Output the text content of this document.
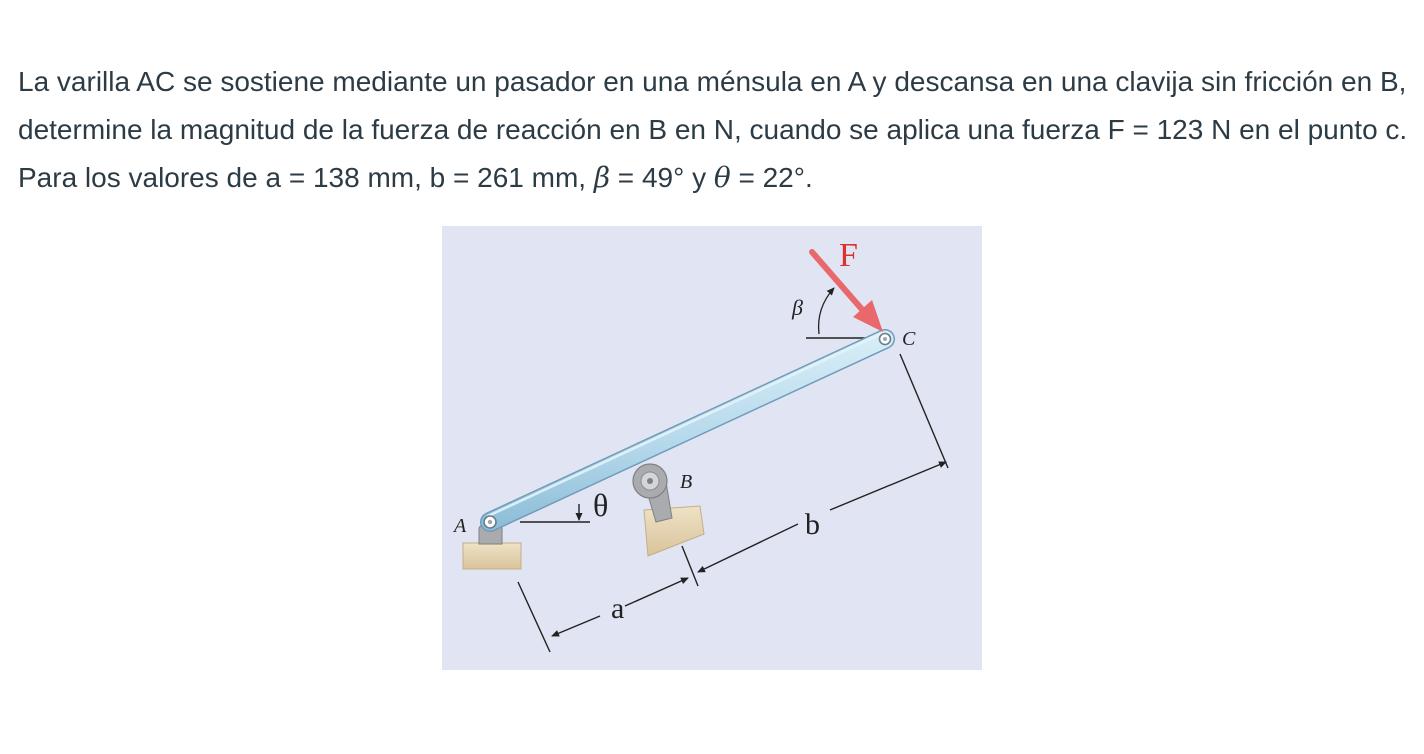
La varilla AC se sostiene mediante un pasador en una ménsula en A y descansa en una clavija sin fricción en B, determine la magnitud de la fuerza de reacción en B en N, cuando se aplica una fuerza F = 123 N en el punto c. Para los valores de a = 138 mm, b = 261 mm, β = 49° y θ = 22°.

F
β
C
B
A
θ
a
b
